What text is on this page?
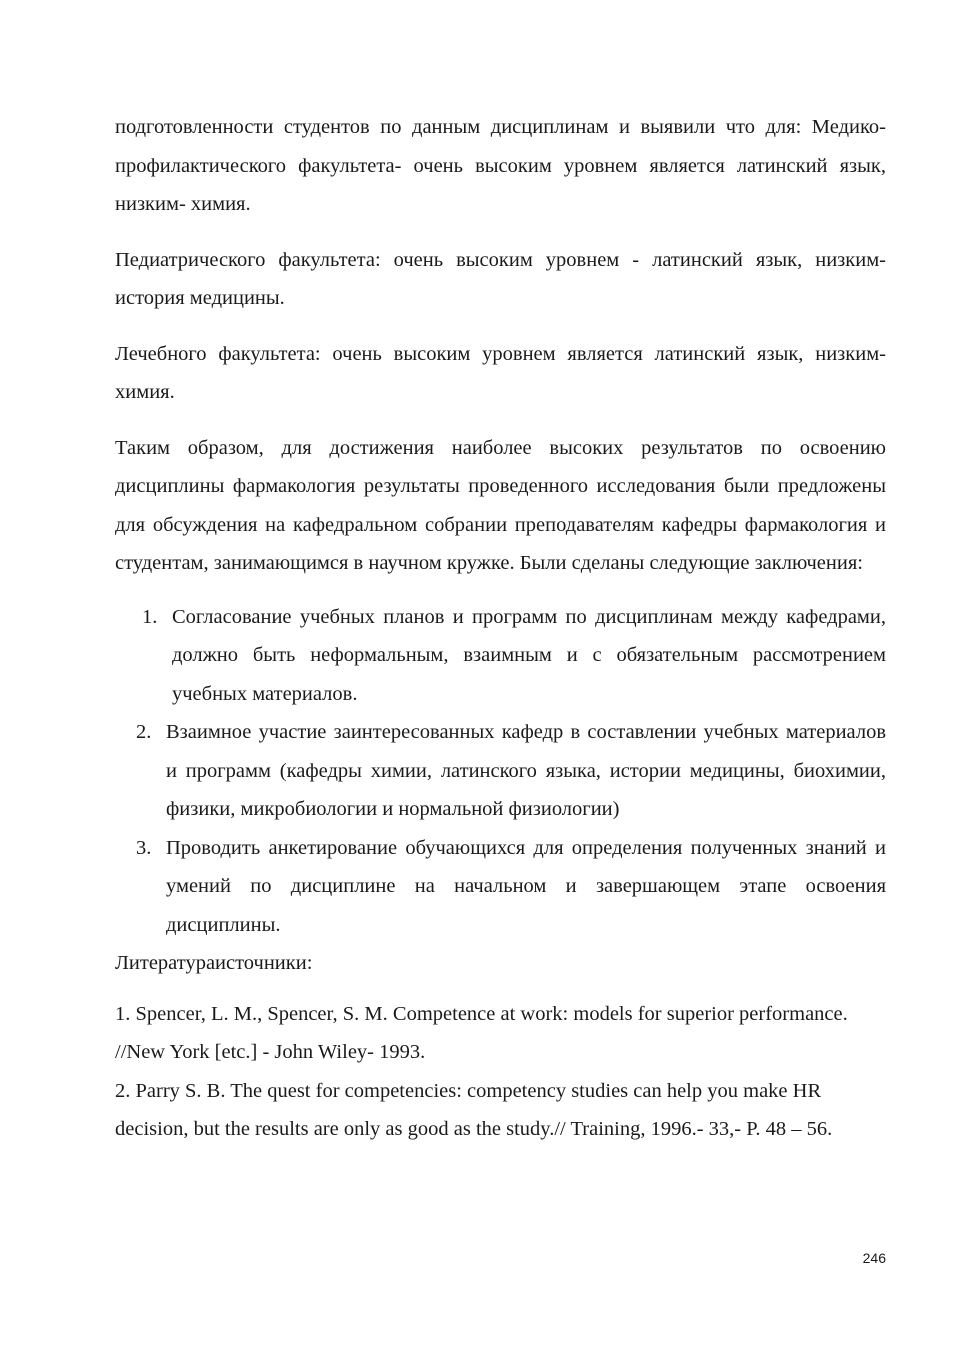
подготовленности студентов по данным дисциплинам и выявили что для: Медико- профилактического факультета- очень высоким уровнем является латинский язык, низким- химия.

Педиатрического факультета: очень высоким уровнем - латинский язык, низким- история медицины.

Лечебного факультета: очень высоким уровнем является латинский язык, низким- химия.

Таким образом, для достижения наиболее высоких результатов по освоению дисциплины фармакология результаты проведенного исследования были предложены для обсуждения на кафедральном собрании преподавателям кафедры фармакология и студентам, занимающимся в научном кружке. Были сделаны следующие заключения:

1. Согласование учебных планов и программ по дисциплинам между кафедрами, должно быть неформальным, взаимным и с обязательным рассмотрением учебных материалов.
2. Взаимное участие заинтересованных кафедр в составлении учебных материалов и программ (кафедры химии, латинского языка, истории медицины, биохимии, физики, микробиологии и нормальной физиологии)
3. Проводить анкетирование обучающихся для определения полученных знаний и умений по дисциплине на начальном и завершающем этапе освоения дисциплины.

Литератураисточники:

1. Spencer, L. M., Spencer, S. M. Competence at work: models for superior performance. //New York [etc.] - John Wiley- 1993.

2. Parry S. B. The quest for competencies: competency studies can help you make HR decision, but the results are only as good as the study.// Training, 1996.- 33,- P. 48 – 56.

246
